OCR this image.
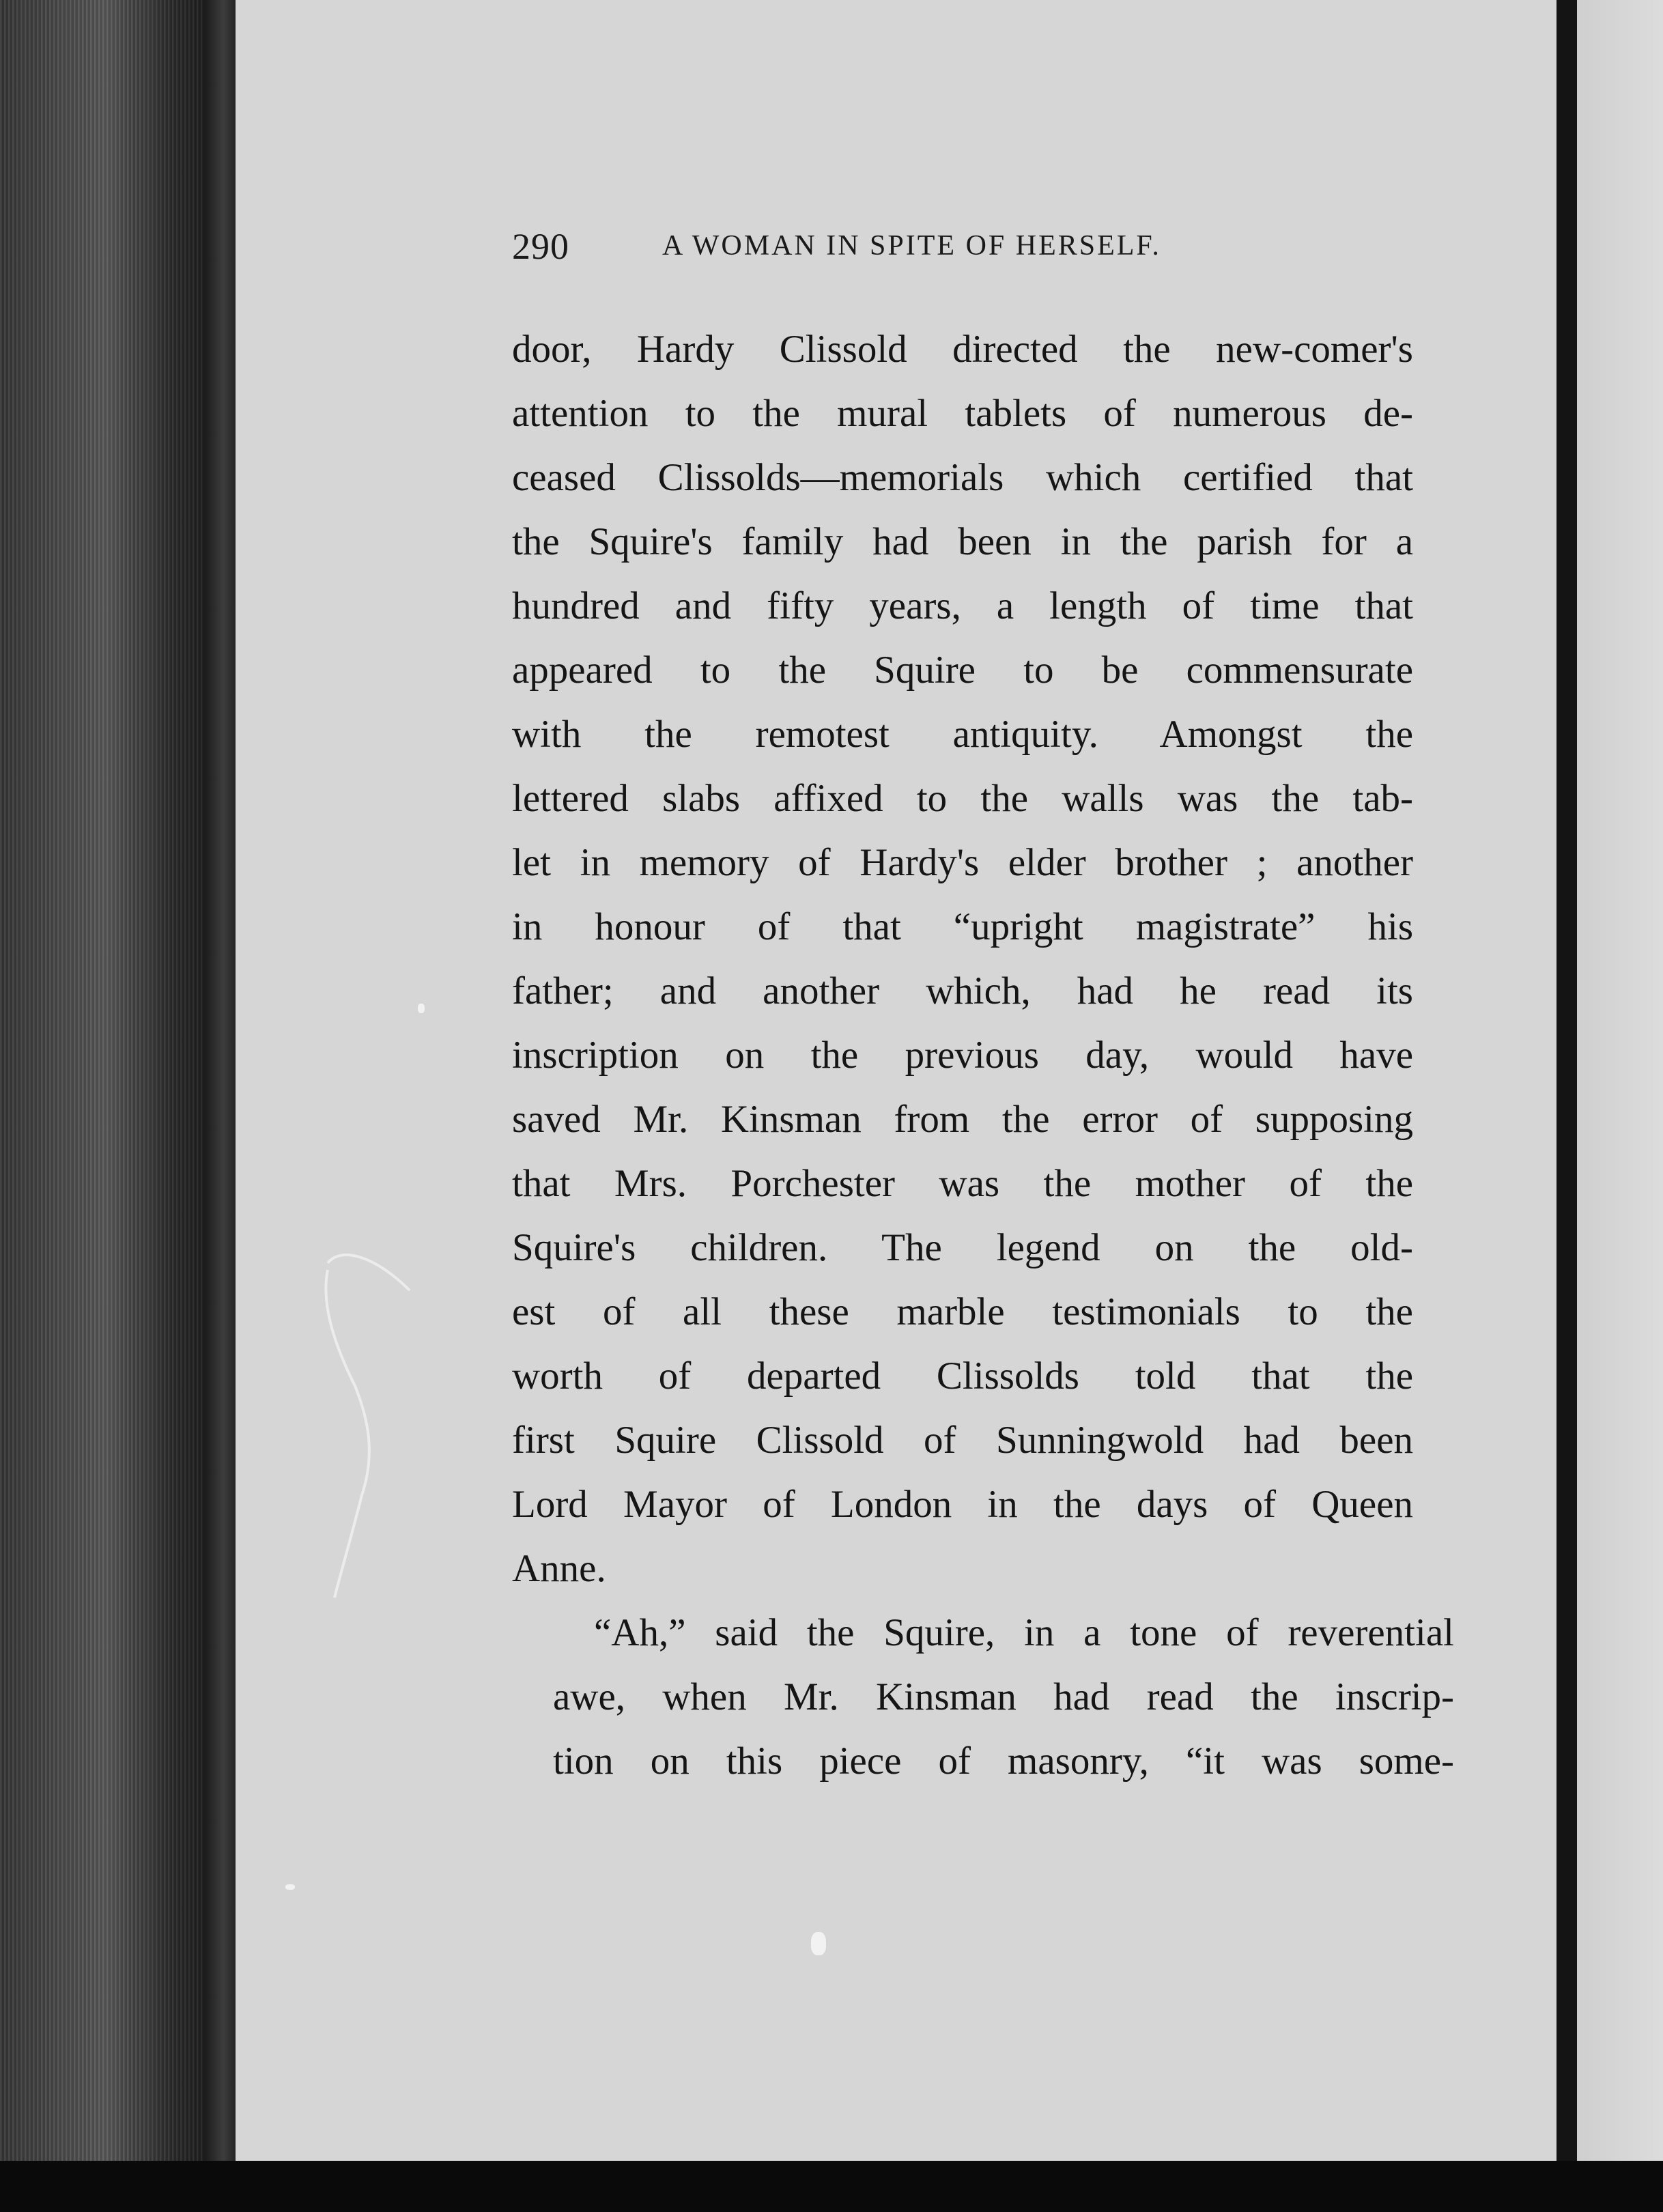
290	A WOMAN IN SPITE OF HERSELF.

door, Hardy Clissold directed the new-comer's
attention to the mural tablets of numerous de-
ceased Clissolds—memorials which certified that
the Squire's family had been in the parish for a
hundred and fifty years, a length of time that
appeared to the Squire to be commensurate
with the remotest antiquity. Amongst the
lettered slabs affixed to the walls was the tab-
let in memory of Hardy's elder brother ; another
in honour of that “upright magistrate” his
father; and another which, had he read its
inscription on the previous day, would have
saved Mr. Kinsman from the error of supposing
that Mrs. Porchester was the mother of the
Squire's children. The legend on the old-
est of all these marble testimonials to the
worth of departed Clissolds told that the
first Squire Clissold of Sunningwold had been
Lord Mayor of London in the days of Queen
Anne.

“Ah,” said the Squire, in a tone of reverential
awe, when Mr. Kinsman had read the inscrip-
tion on this piece of masonry, “it was some-
